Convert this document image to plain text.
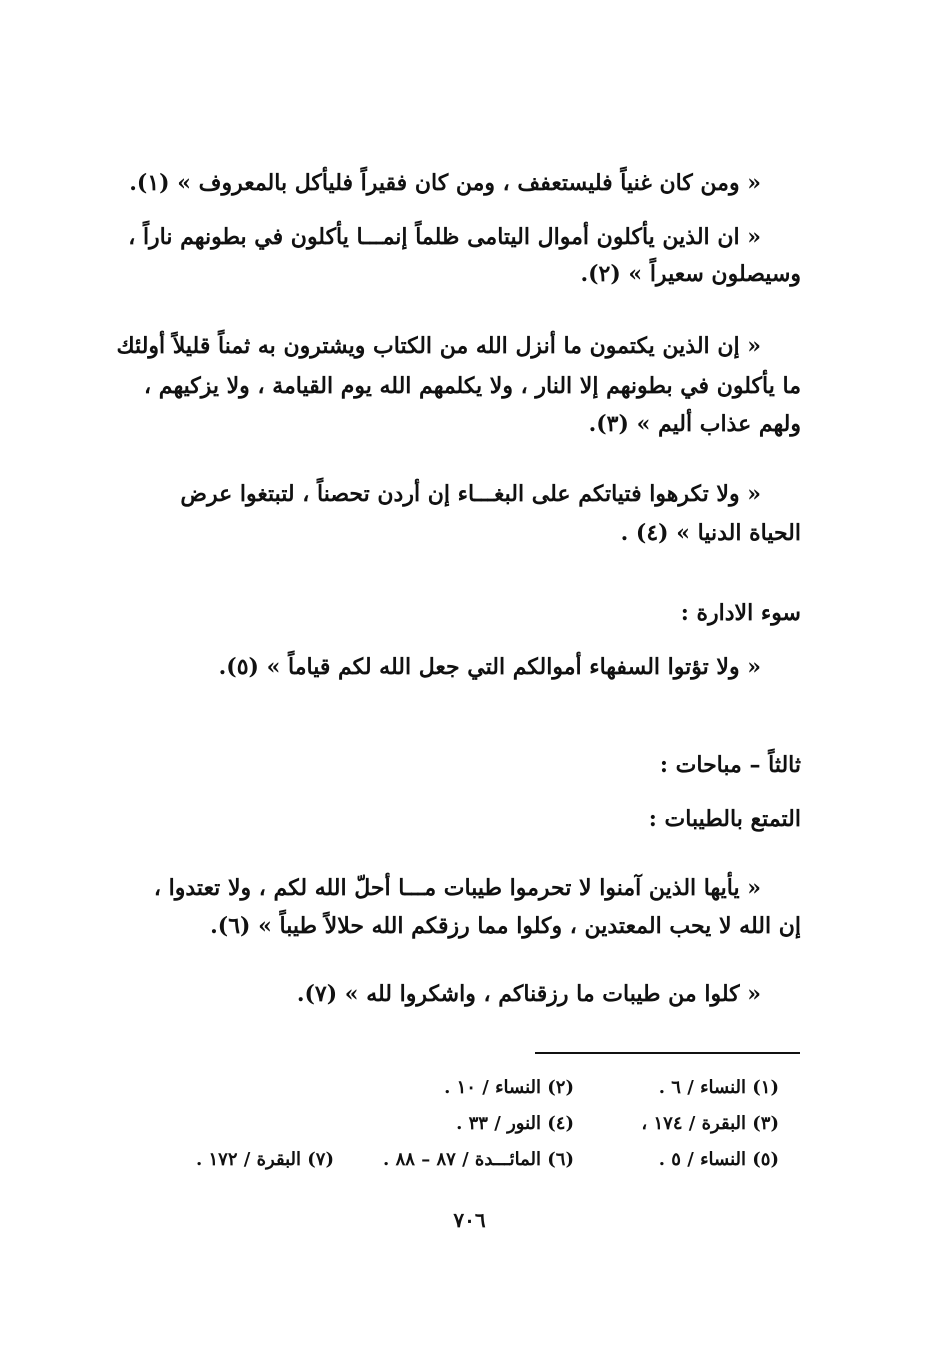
« ومن كان غنياً فليستعفف ، ومن كان فقيراً فليأكل بالمعروف » (١).
« ان الذين يأكلون أموال اليتامى ظلماً إنمـــا يأكلون في بطونهم ناراً ،
وسيصلون سعيراً » (٢).
« إن الذين يكتمون ما أنزل الله من الكتاب ويشترون به ثمناً قليلاً أولئك
ما يأكلون في بطونهم إلا النار ، ولا يكلمهم الله يوم القيامة ، ولا يزكيهم ،
ولهم عذاب أليم » (٣).
« ولا تكرهوا فتياتكم على البغـــاء إن أردن تحصناً ، لتبتغوا عرض
الحياة الدنيا » (٤) .
سوء الادارة :
« ولا تؤتوا السفهاء أموالكم التي جعل الله لكم قياماً » (٥).
ثالثاً – مباحات :
التمتع بالطيبات :
« يأيها الذين آمنوا لا تحرموا طيبات مـــا أحلّ الله لكم ، ولا تعتدوا ،
إن الله لا يحب المعتدين ، وكلوا مما رزقكم الله حلالاً طيباً » (٦).
« كلوا من طيبات ما رزقناكم ، واشكروا لله » (٧).
(١) النساء / ٦ .
(٢) النساء / ١٠ .
(٣) البقرة / ١٧٤ ،
(٤) النور / ٣٣ .
(٥) النساء / ٥ .
(٦) المائـــدة / ٨٧ – ٨٨ .
(٧) البقرة / ١٧٢ .
٧٠٦
